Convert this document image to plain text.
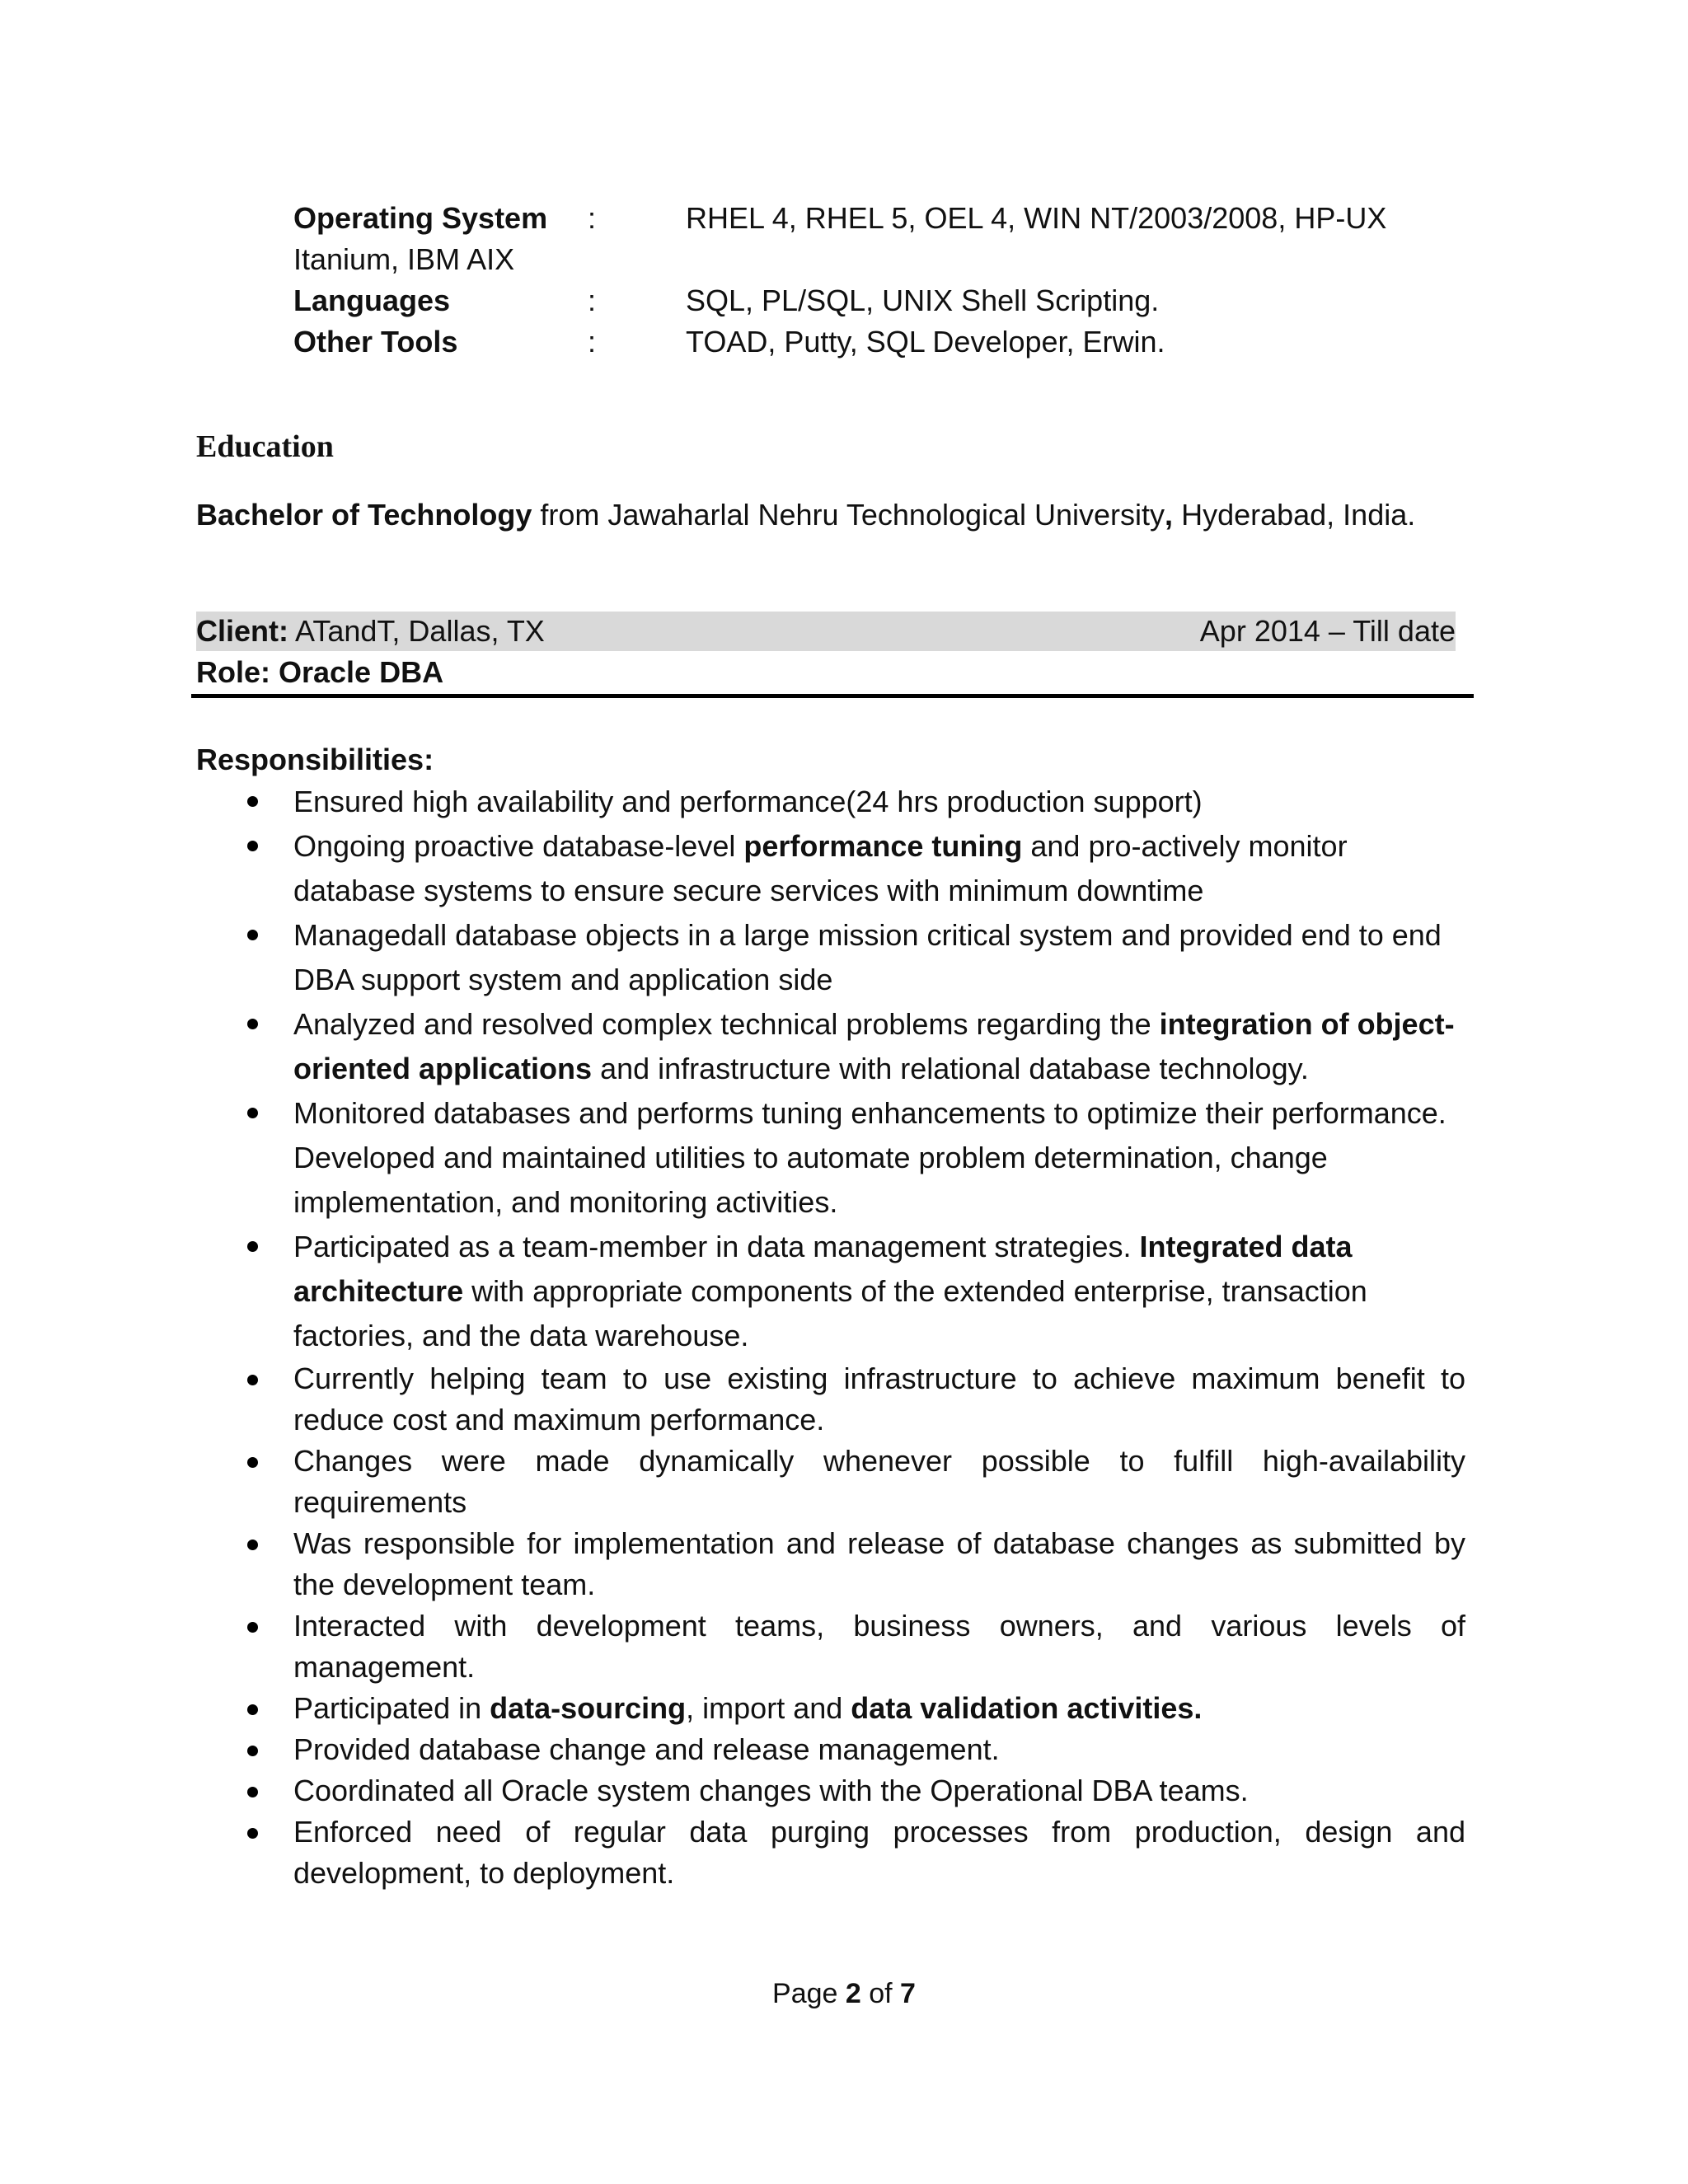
Operating System :	RHEL 4, RHEL 5, OEL 4, WIN NT/2003/2008, HP-UX
Itanium, IBM AIX
Languages	:	SQL, PL/SQL, UNIX Shell Scripting.
Other Tools	:	TOAD, Putty, SQL Developer, Erwin.
Education
Bachelor of Technology from Jawaharlal Nehru Technological University, Hyderabad, India.
Client: ATandT, Dallas, TX	Apr 2014 – Till date
Role: Oracle DBA
Responsibilities:
Ensured high availability and performance(24 hrs production support)
Ongoing proactive database-level performance tuning and pro-actively monitor database systems to ensure secure services with minimum downtime
Managedall database objects in a large mission critical system and provided end to end DBA support system and application side
Analyzed and resolved complex technical problems regarding the integration of object-oriented applications and infrastructure with relational database technology.
Monitored databases and performs tuning enhancements to optimize their performance. Developed and maintained utilities to automate problem determination, change implementation, and monitoring activities.
Participated as a team-member in data management strategies. Integrated data architecture with appropriate components of the extended enterprise, transaction factories, and the data warehouse.
Currently helping team to use existing infrastructure to achieve maximum benefit to reduce cost and maximum performance.
Changes were made dynamically whenever possible to fulfill high-availability requirements
Was responsible for implementation and release of database changes as submitted by the development team.
Interacted with development teams, business owners, and various levels of management.
Participated in data-sourcing, import and data validation activities.
Provided database change and release management.
Coordinated all Oracle system changes with the Operational DBA teams.
Enforced need of regular data purging processes from production, design and development, to deployment.
Page 2 of 7
